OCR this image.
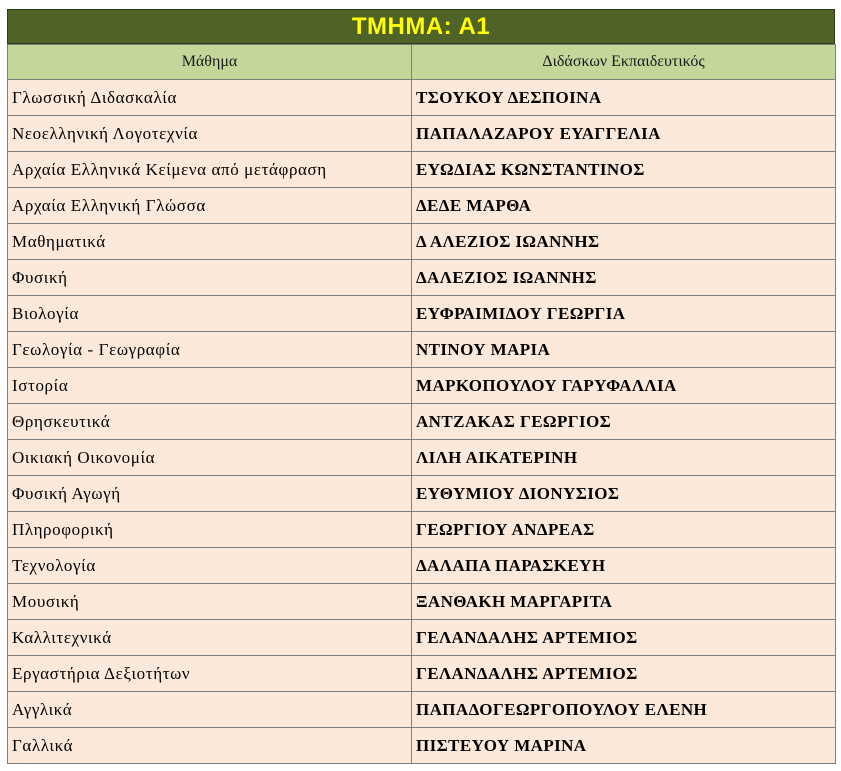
ΤΜΗΜΑ: Α1
Μάθημα	Διδάσκων Εκπαιδευτικός
Γλωσσική Διδασκαλία	ΤΣΟΥΚΟΥ ΔΕΣΠΟΙΝΑ
Νεοελληνική Λογοτεχνία	ΠΑΠΑΛΑΖΑΡΟΥ ΕΥΑΓΓΕΛΙΑ
Αρχαία Ελληνικά Κείμενα από μετάφραση	ΕΥΩΔΙΑΣ ΚΩΝΣΤΑΝΤΙΝΟΣ
Αρχαία Ελληνική Γλώσσα	ΔΕΔΕ ΜΑΡΘΑ
Μαθηματικά	Δ ΑΛΕΖΙΟΣ ΙΩΑΝΝΗΣ
Φυσική	ΔΑΛΕΖΙΟΣ ΙΩΑΝΝΗΣ
Βιολογία	ΕΥΦΡΑΙΜΙΔΟΥ ΓΕΩΡΓΙΑ
Γεωλογία - Γεωγραφία	ΝΤΙΝΟΥ ΜΑΡΙΑ
Ιστορία	ΜΑΡΚΟΠΟΥΛΟΥ ΓΑΡΥΦΑΛΛΙΑ
Θρησκευτικά	ΑΝΤΖΑΚΑΣ ΓΕΩΡΓΙΟΣ
Οικιακή Οικονομία	ΛΙΛΗ ΑΙΚΑΤΕΡΙΝΗ
Φυσική Αγωγή	ΕΥΘΥΜΙΟΥ ΔΙΟΝΥΣΙΟΣ
Πληροφορική	ΓΕΩΡΓΙΟΥ ΑΝΔΡΕΑΣ
Τεχνολογία	ΔΑΛΑΠΑ ΠΑΡΑΣΚΕΥΗ
Μουσική	ΞΑΝΘΑΚΗ ΜΑΡΓΑΡΙΤΑ
Καλλιτεχνικά	ΓΕΛΑΝΔΑΛΗΣ ΑΡΤΕΜΙΟΣ
Εργαστήρια Δεξιοτήτων	ΓΕΛΑΝΔΑΛΗΣ ΑΡΤΕΜΙΟΣ
Αγγλικά	ΠΑΠΑΔΟΓΕΩΡΓΟΠΟΥΛΟΥ ΕΛΕΝΗ
Γαλλικά	ΠΙΣΤΕΥΟΥ ΜΑΡΙΝΑ
